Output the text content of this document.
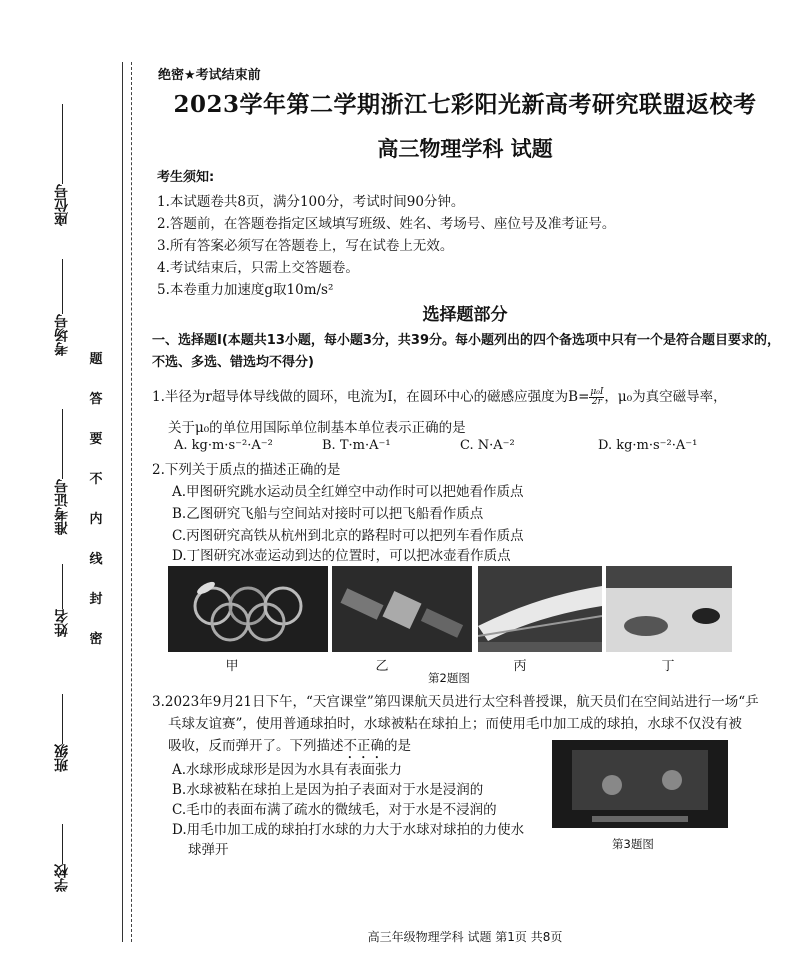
座位号
考场号
准考证号
姓名
班级
学校
题
答
要
不
内
线
封
密
绝密★考试结束前
2023学年第二学期浙江七彩阳光新高考研究联盟返校考
高三物理学科 试题
考生须知:
1.本试题卷共8页，满分100分，考试时间90分钟。
2.答题前，在答题卷指定区域填写班级、姓名、考场号、座位号及准考证号。
3.所有答案必须写在答题卷上，写在试卷上无效。
4.考试结束后，只需上交答题卷。
5.本卷重力加速度g取10m/s²
选择题部分
一、选择题Ⅰ(本题共13小题，每小题3分，共39分。每小题列出的四个备选项中只有一个是符合题目要求的，不选、多选、错选均不得分)
1.半径为r超导体导线做的圆环，电流为I，在圆环中心的磁感应强度为$B= \frac{\text{μ₀I}}{2r}$ ，μ₀为真空磁导率，
关于μ₀的单位用国际单位制基本单位表示正确的是
A. kg·m·s⁻²·A⁻²	B. T·m·A⁻¹	C. N·A⁻²	D. kg·m·s⁻²·A⁻¹
2.下列关于质点的描述正确的是
A.甲图研究跳水运动员全红婵空中动作时可以把她看作质点
B.乙图研究飞船与空间站对接时可以把飞船看作质点
C.丙图研究高铁从杭州到北京的路程时可以把列车看作质点
D.丁图研究冰壶运动到达的位置时，可以把冰壶看作质点
甲	乙	丙	丁
第2题图
3.2023年9月21日下午，“天宫课堂”第四课航天员进行太空科普授课，航天员们在空间站进行一场“乒
乓球友谊赛”，使用普通球拍时，水球被粘在球拍上；而使用毛巾加工成的球拍，水球不仅没有被
吸收，反而弹开了。下列描述不正确的是
A.水球形成球形是因为水具有表面张力
B.水球被粘在球拍上是因为拍子表面对于水是浸润的
C.毛巾的表面布满了疏水的微绒毛，对于水是不浸润的
D.用毛巾加工成的球拍打水球的力大于水球对球拍的力使水
球弹开	第3题图
高三年级物理学科 试题 第1页 共8页
